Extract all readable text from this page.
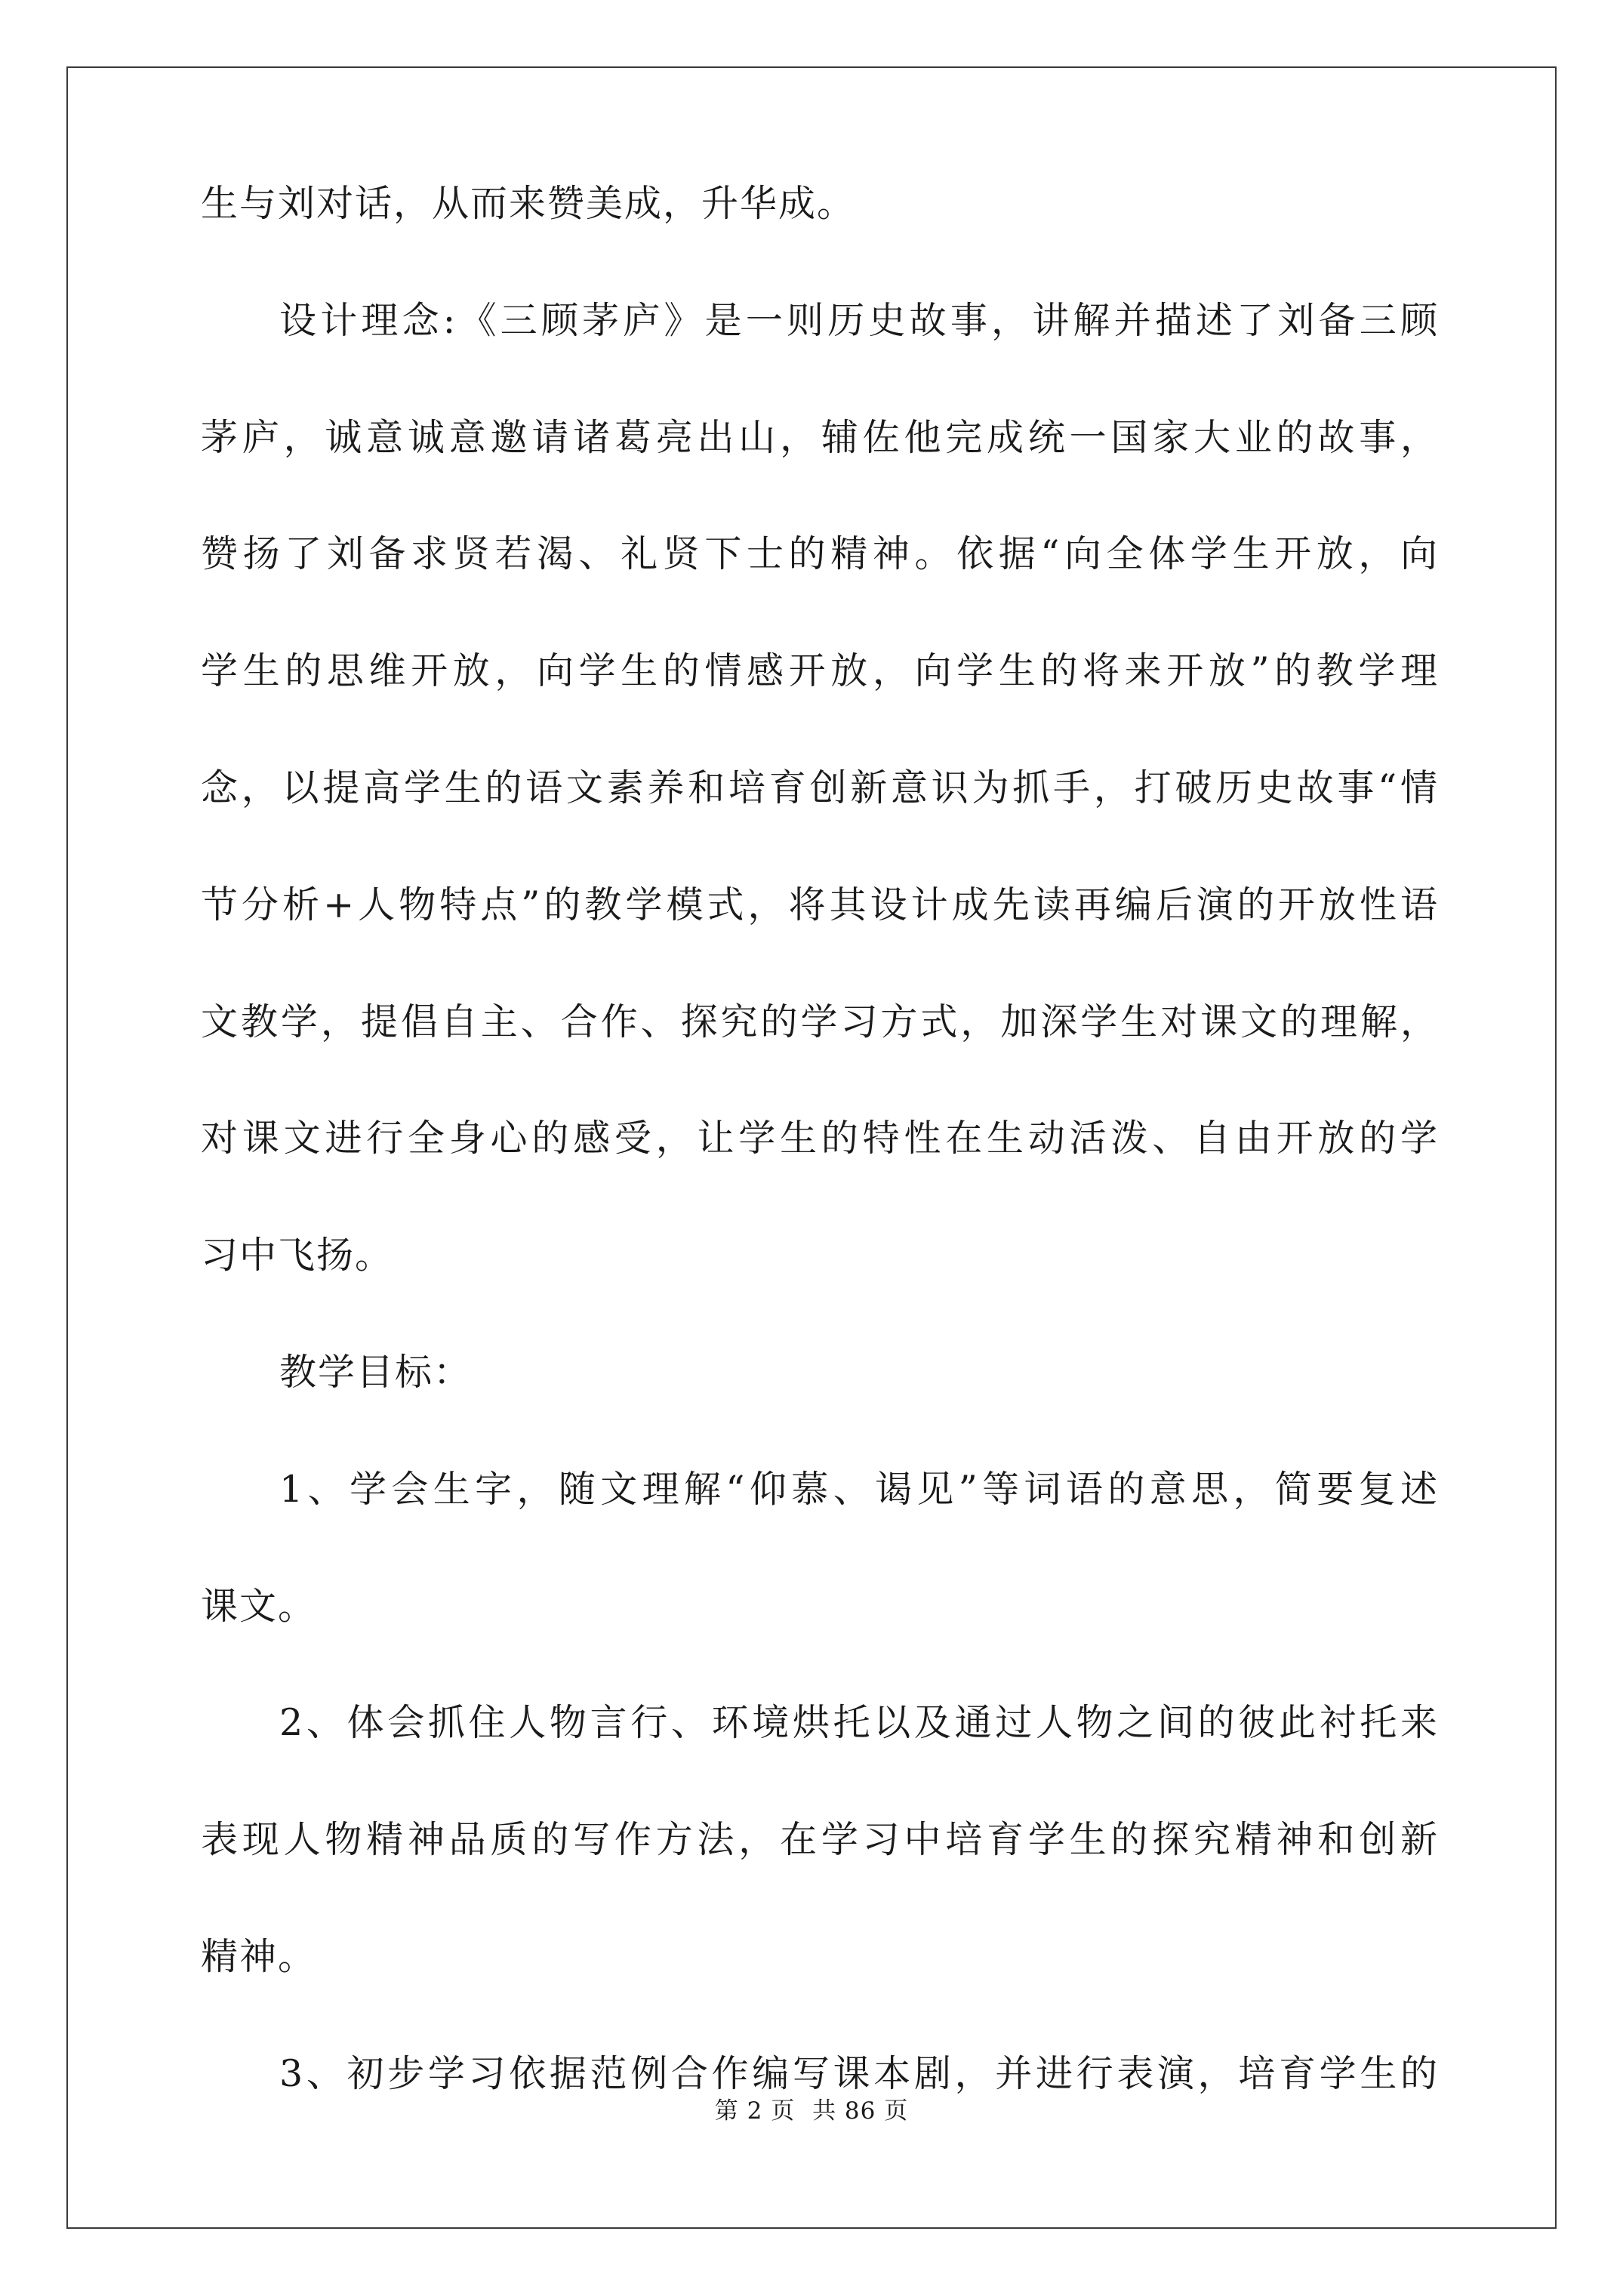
生与刘对话，从而来赞美成，升华成。
设计理念:《三顾茅庐》是一则历史故事，讲解并描述了刘备三顾
茅庐，诚意诚意邀请诸葛亮出山，辅佐他完成统一国家大业的故事，
赞扬了刘备求贤若渴、礼贤下士的精神。依据“向全体学生开放，向
学生的思维开放，向学生的情感开放，向学生的将来开放”的教学理
念，以提高学生的语文素养和培育创新意识为抓手，打破历史故事“情
节分析+人物特点”的教学模式，将其设计成先读再编后演的开放性语
文教学，提倡自主、合作、探究的学习方式，加深学生对课文的理解，
对课文进行全身心的感受，让学生的特性在生动活泼、自由开放的学
习中飞扬。
教学目标：
1、学会生字，随文理解“仰慕、谒见”等词语的意思，简要复述
课文。
2、体会抓住人物言行、环境烘托以及通过人物之间的彼此衬托来
表现人物精神品质的写作方法，在学习中培育学生的探究精神和创新
精神。
3、初步学习依据范例合作编写课本剧，并进行表演，培育学生的
第 2 页 共 86 页
